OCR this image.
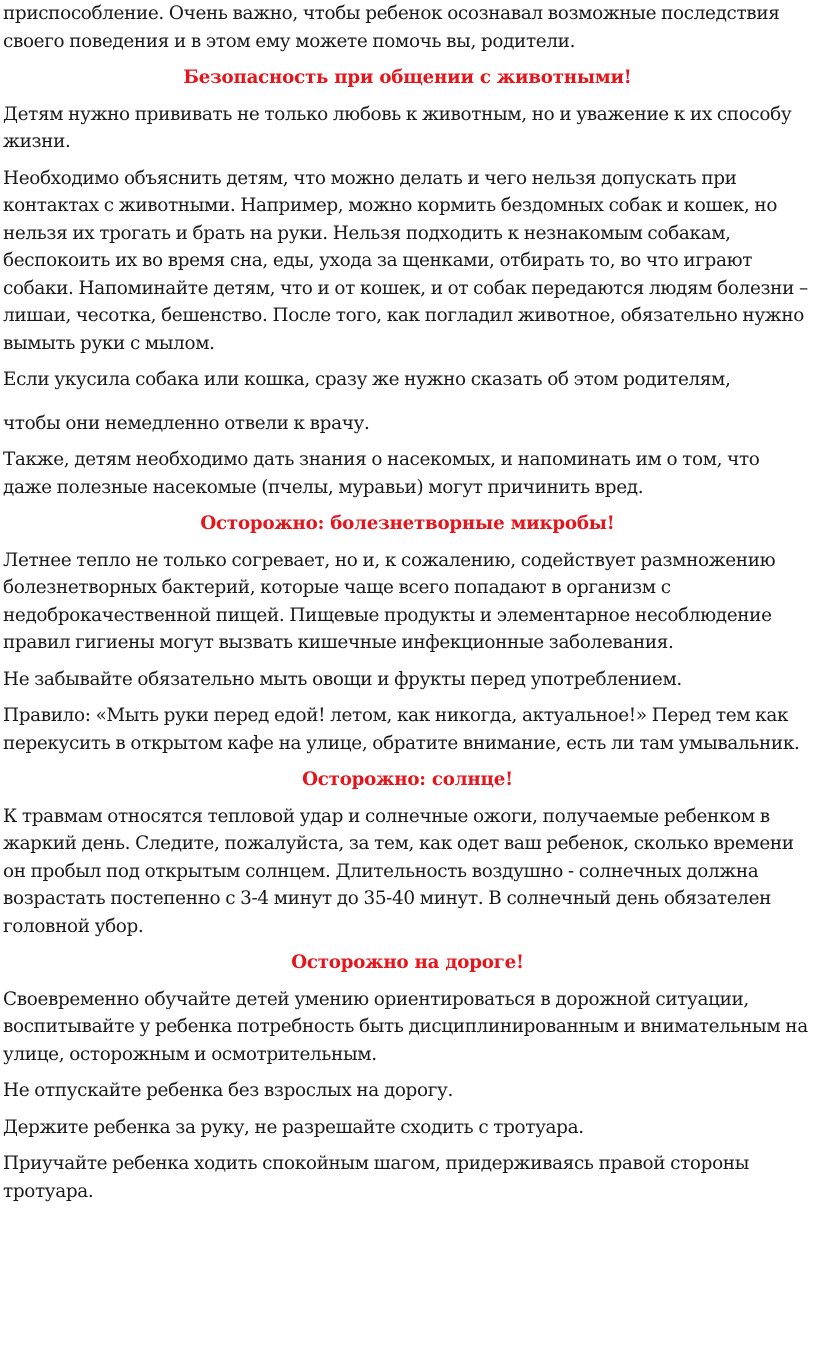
приспособление. Очень важно, чтобы ребенок осознавал возможные последствия своего поведения и в этом ему можете помочь вы, родители.

Безопасность при общении с животными!

Детям нужно прививать не только любовь к животным, но и уважение к их способу жизни.

Необходимо объяснить детям, что можно делать и чего нельзя допускать при контактах с животными. Например, можно кормить бездомных собак и кошек, но нельзя их трогать и брать на руки. Нельзя подходить к незнакомым собакам, беспокоить их во время сна, еды, ухода за щенками, отбирать то, во что играют собаки. Напоминайте детям, что и от кошек, и от собак передаются людям болезни – лишаи, чесотка, бешенство. После того, как погладил животное, обязательно нужно вымыть руки с мылом.

Если укусила собака или кошка, сразу же нужно сказать об этом родителям,

чтобы они немедленно отвели к врачу.

Также, детям необходимо дать знания о насекомых, и напоминать им о том, что даже полезные насекомые (пчелы, муравьи) могут причинить вред.

Осторожно: болезнетворные микробы!

Летнее тепло не только согревает, но и, к сожалению, содействует размножению болезнетворных бактерий, которые чаще всего попадают в организм с недоброкачественной пищей. Пищевые продукты и элементарное несоблюдение правил гигиены могут вызвать кишечные инфекционные заболевания.

Не забывайте обязательно мыть овощи и фрукты перед употреблением.

Правило: «Мыть руки перед едой! летом, как никогда, актуальное!» Перед тем как перекусить в открытом кафе на улице, обратите внимание, есть ли там умывальник.

Осторожно: солнце!

К травмам относятся тепловой удар и солнечные ожоги, получаемые ребенком в жаркий день. Следите, пожалуйста, за тем, как одет ваш ребенок, сколько времени он пробыл под открытым солнцем. Длительность воздушно - солнечных должна возрастать постепенно с 3-4 минут до 35-40 минут. В солнечный день обязателен головной убор.

Осторожно на дороге!

Своевременно обучайте детей умению ориентироваться в дорожной ситуации, воспитывайте у ребенка потребность быть дисциплинированным и внимательным на улице, осторожным и осмотрительным.

Не отпускайте ребенка без взрослых на дорогу.

Держите ребенка за руку, не разрешайте сходить с тротуара.

Приучайте ребенка ходить спокойным шагом, придерживаясь правой стороны тротуара.
